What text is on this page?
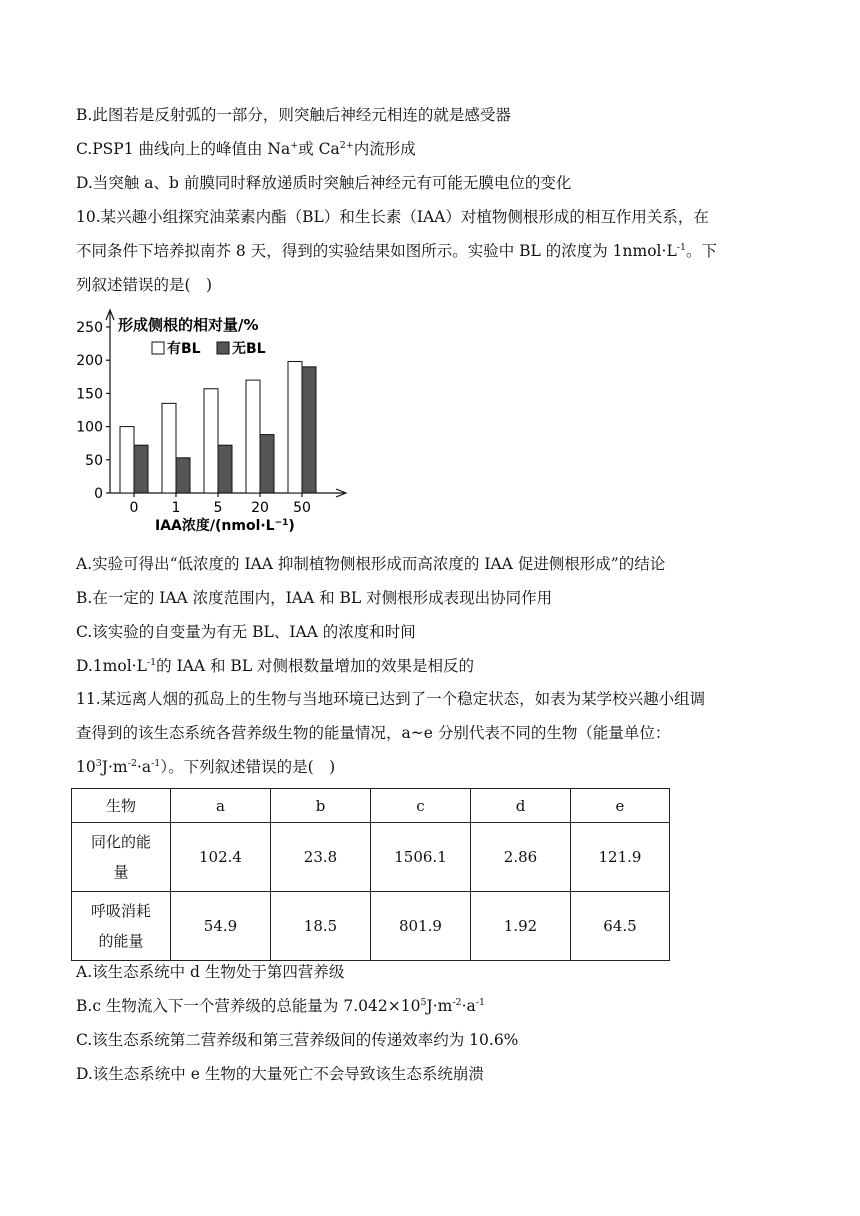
B.此图若是反射弧的一部分，则突触后神经元相连的就是感受器
C.PSP1 曲线向上的峰值由 Na+或 $Ca^{2+}$内流形成
D.当突触 a、b 前膜同时释放递质时突触后神经元有可能无膜电位的变化
10.某兴趣小组探究油菜素内酯（BL）和生长素（IAA）对植物侧根形成的相互作用关系，在
不同条件下培养拟南芥 8 天，得到的实验结果如图所示。实验中 BL 的浓度为 $1nmol\cdot L^{-1}$。下
列叙述错误的是(　)
0
50
100
150
200
250
0 1 5 20 50
形成侧根的相对量/%
有BL 无BL
IAA浓度$/(nmol\cdot L^{-1})$
A.实验可得出“低浓度的 IAA 抑制植物侧根形成而高浓度的 IAA 促进侧根形成”的结论
B.在一定的 IAA 浓度范围内，IAA 和 BL 对侧根形成表现出协同作用
C.该实验的自变量为有无 BL、IAA 的浓度和时间
$D.1mol\cdot L^{-1}$的 IAA 和 BL 对侧根数量增加的效果是相反的
11.某远离人烟的孤岛上的生物与当地环境已达到了一个稳定状态，如表为某学校兴趣小组调
查得到的该生态系统各营养级生物的能量情况，a~e 分别代表不同的生物（能量单位：
$10^3J\cdot m^{-2}\cdot a^{-1}$）。下列叙述错误的是(　)
生物	a	b	c	d	e
同化的能
量	102.4	23.8	1506.1	2.86	121.9
呼吸消耗
的能量	54.9	18.5	801.9	1.92	64.5
A.该生态系统中 d 生物处于第四营养级
B.c 生物流入下一个营养级的总能量为 $7.042\times 10^5J\cdot m^{-2}\cdot a^{-1}$
C.该生态系统第二营养级和第三营养级间的传递效率约为 10.6%
D.该生态系统中 e 生物的大量死亡不会导致该生态系统崩溃
